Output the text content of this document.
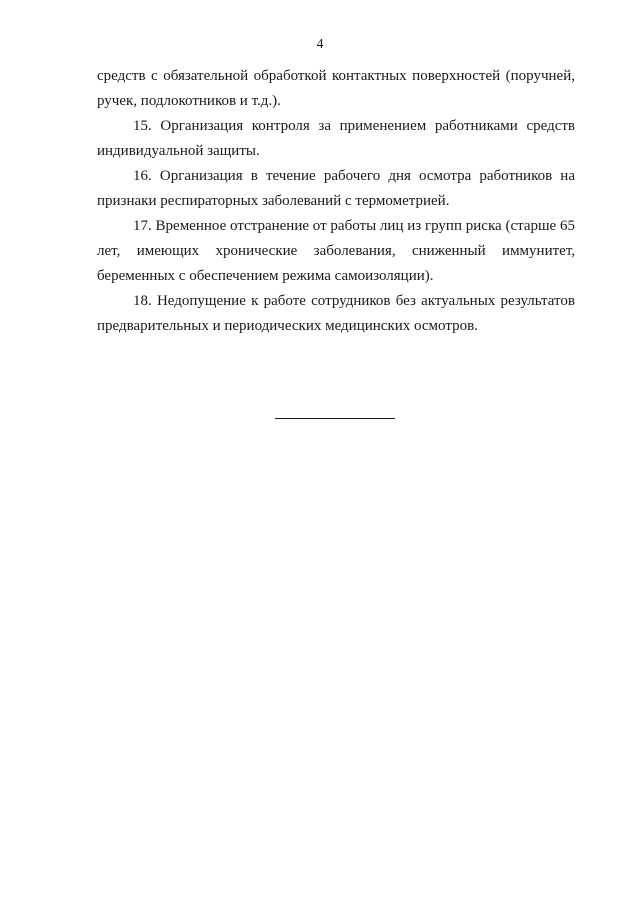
4

средств с обязательной обработкой контактных поверхностей (поручней, ручек, подлокотников и т.д.).

15. Организация контроля за применением работниками средств индивидуальной защиты.

16. Организация в течение рабочего дня осмотра работников на признаки респираторных заболеваний с термометрией.

17. Временное отстранение от работы лиц из групп риска (старше 65 лет, имеющих хронические заболевания, сниженный иммунитет, беременных с обеспечением режима самоизоляции).

18. Недопущение к работе сотрудников без актуальных результатов предварительных и периодических медицинских осмотров.
